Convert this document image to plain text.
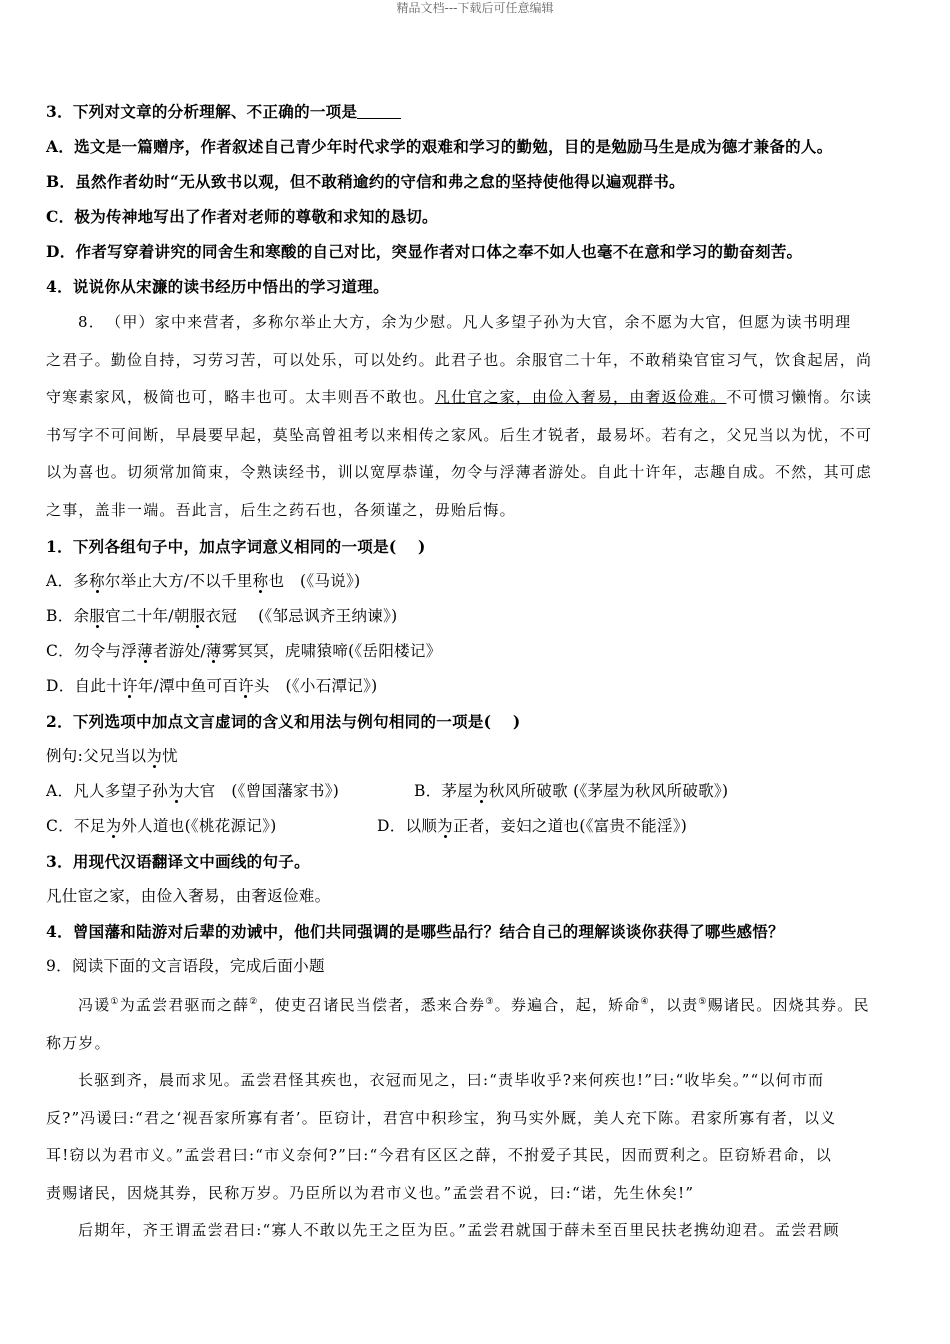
精品文档---下载后可任意编辑
3．下列对文章的分析理解、不正确的一项是
A．选文是一篇赠序，作者叙述自己青少年时代求学的艰难和学习的勤勉，目的是勉励马生是成为德才兼备的人。
B．虽然作者幼时“无从致书以观，但不敢稍逾约的守信和弗之怠的坚持使他得以遍观群书。
C．极为传神地写出了作者对老师的尊敬和求知的恳切。
D．作者写穿着讲究的同舍生和寒酸的自己对比，突显作者对口体之奉不如人也毫不在意和学习的勤奋刻苦。
4．说说你从宋濂的读书经历中悟出的学习道理。
8．　（甲）家中来营者，多称尔举止大方，余为少慰。凡人多望子孙为大官，余不愿为大官，但愿为读书明理
之君子。勤俭自持，习劳习苦，可以处乐，可以处约。此君子也。余服官二十年，不敢稍染官宦习气，饮食起居，尚
守寒素家风，极简也可，略丰也可。太丰则吾不敢也。凡仕官之家，由俭入奢易，由奢返俭难。不可惯习懒惰。尔读
书写字不可间断，早晨要早起，莫坠高曾祖考以来相传之家风。后生才锐者，最易坏。若有之，父兄当以为忧，不可
以为喜也。切须常加简束，令熟读经书，训以宽厚恭谨，勿令与浮薄者游处。自此十许年，志趣自成。不然，其可虑
之事，盖非一端。吾此言，后生之药石也，各须谨之，毋贻后悔。
1．下列各组句子中，加点字词意义相同的一项是(　 )
A．多称尔举止大方/不以千里称也　(《马说》)
B．余服官二十年/朝服衣冠　 (《邹忌讽齐王纳谏》)
C．勿令与浮薄者游处/薄雾冥冥，虎啸猿啼(《岳阳楼记》
D．自此十许年/潭中鱼可百许头　(《小石潭记》)
2．下列选项中加点文言虚词的含义和用法与例句相同的一项是(　 )
例句:父兄当以为忧
A．凡人多望子孙为大官　(《曾国藩家书》)	B．茅屋为秋风所破歌 (《茅屋为秋风所破歌》)
C．不足为外人道也(《桃花源记》)	D．以顺为正者，妾妇之道也(《富贵不能淫》)
3．用现代汉语翻译文中画线的句子。
凡仕宦之家，由俭入奢易，由奢返俭难。
4．曾国藩和陆游对后辈的劝诫中，他们共同强调的是哪些品行？结合自己的理解谈谈你获得了哪些感悟？
9．阅读下面的文言语段，完成后面小题
冯谖①为孟尝君驱而之薛②，使吏召诸民当偿者，悉来合券③。券遍合，起，矫命④，以责⑤赐诸民。因烧其券。民
称万岁。
长驱到齐，晨而求见。孟尝君怪其疾也，衣冠而见之，曰:“责毕收乎?来何疾也!”曰:“收毕矣。”“以何市而
反?”冯谖曰:“君之‘视吾家所寡有者’。臣窃计，君宫中积珍宝，狗马实外厩，美人充下陈。君家所寡有者，以义
耳!窃以为君市义。”孟尝君曰:“市义奈何?”曰:“今君有区区之薛，不拊爱子其民，因而贾利之。臣窃矫君命，以
责赐诸民，因烧其券，民称万岁。乃臣所以为君市义也。”孟尝君不说，曰:“诺，先生休矣!”
后期年，齐王谓孟尝君曰:“寡人不敢以先王之臣为臣。”孟尝君就国于薛未至百里民扶老携幼迎君。孟尝君顾
